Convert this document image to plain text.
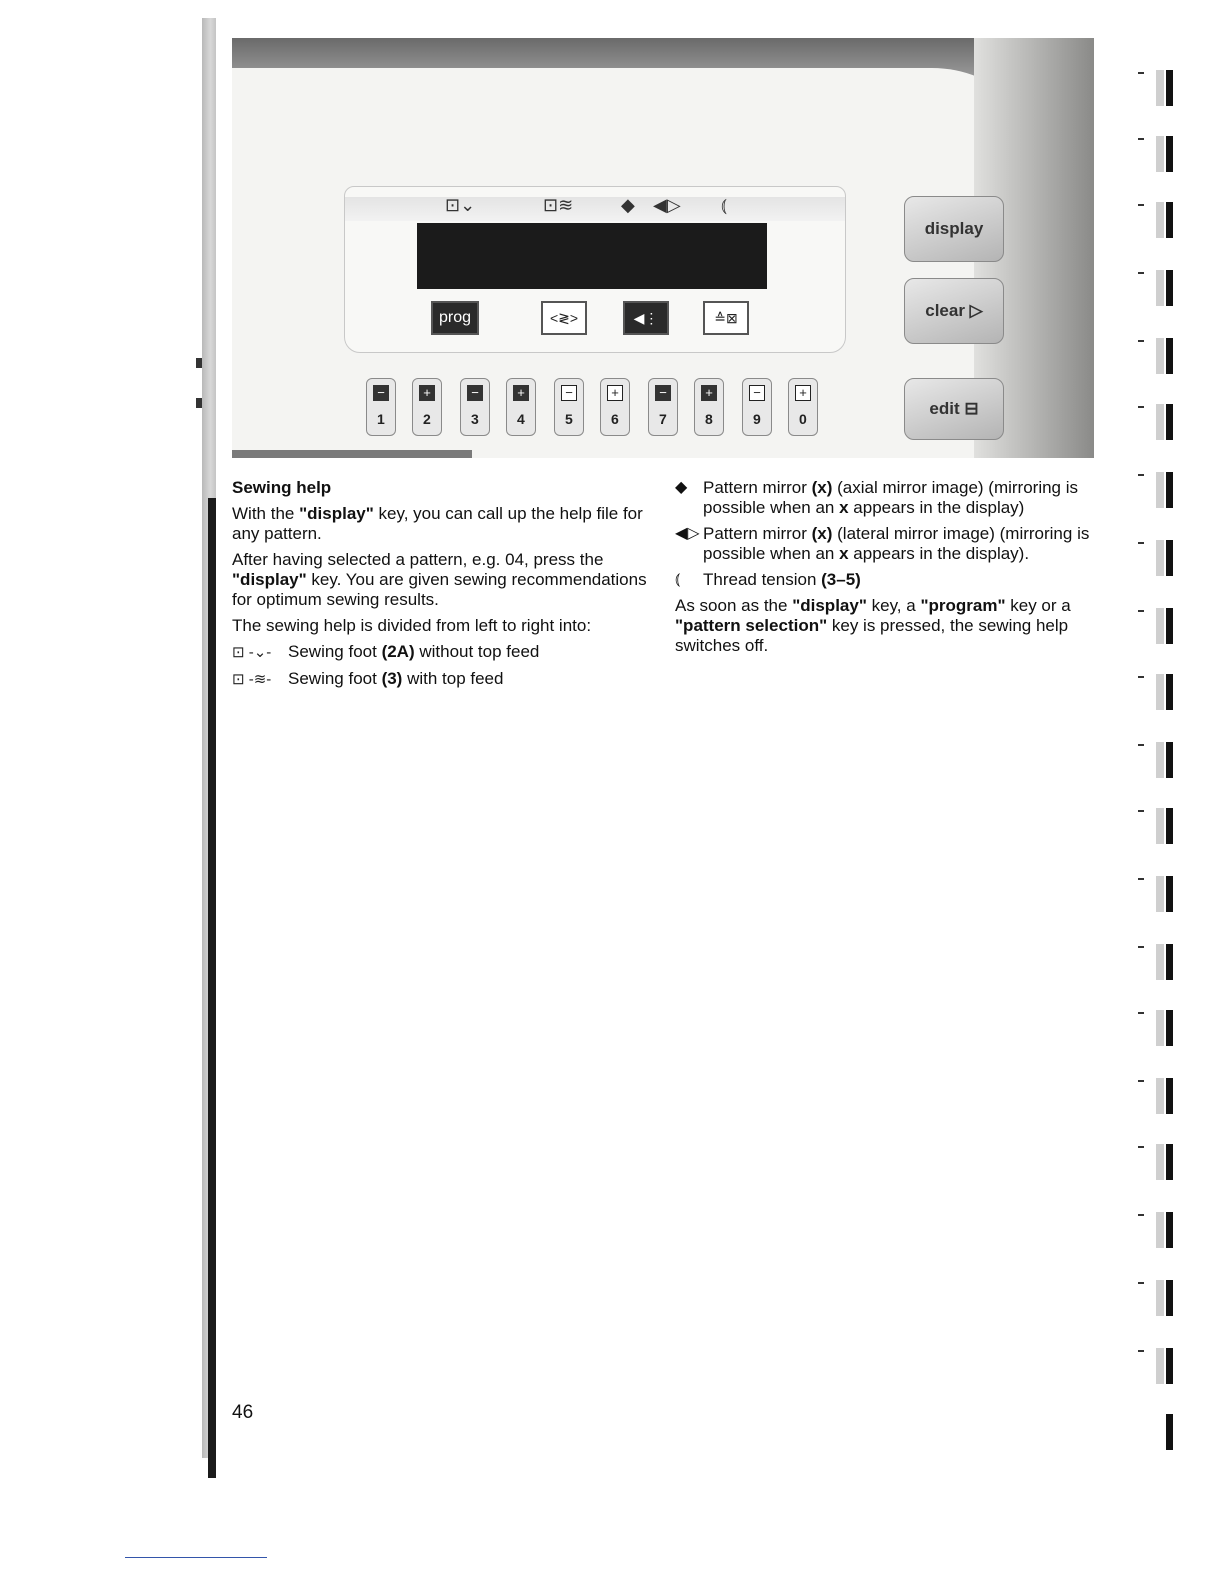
⊡⌄	⊡≋	◆ ◀▷ ⦅
prog	<≷>	◀⋮	≙⊠
display
clear ▷
edit ⊟
−
1
+
2
−
3
+
4
−
5
+
6
−
7
+
8
−
9
+
0
Sewing help

With the "display" key, you can call up the help file for any pattern.

After having selected a pattern, e.g. 04, press the "display" key. You are given sewing recommendations for optimum sewing results.

The sewing help is divided from left to right into:

⊡ -⌄- Sewing foot (2A) without top feed
⊡ -≋- Sewing foot (3) with top feed
◆ Pattern mirror (x) (axial mirror image) (mirroring is possible when an x appears in the display)
◀▷ Pattern mirror (x) (lateral mirror image) (mirroring is possible when an x appears in the display).
⦅	Thread tension (3–5)

As soon as the "display" key, a "program" key or a "pattern selection" key is pressed, the sewing help switches off.

46
